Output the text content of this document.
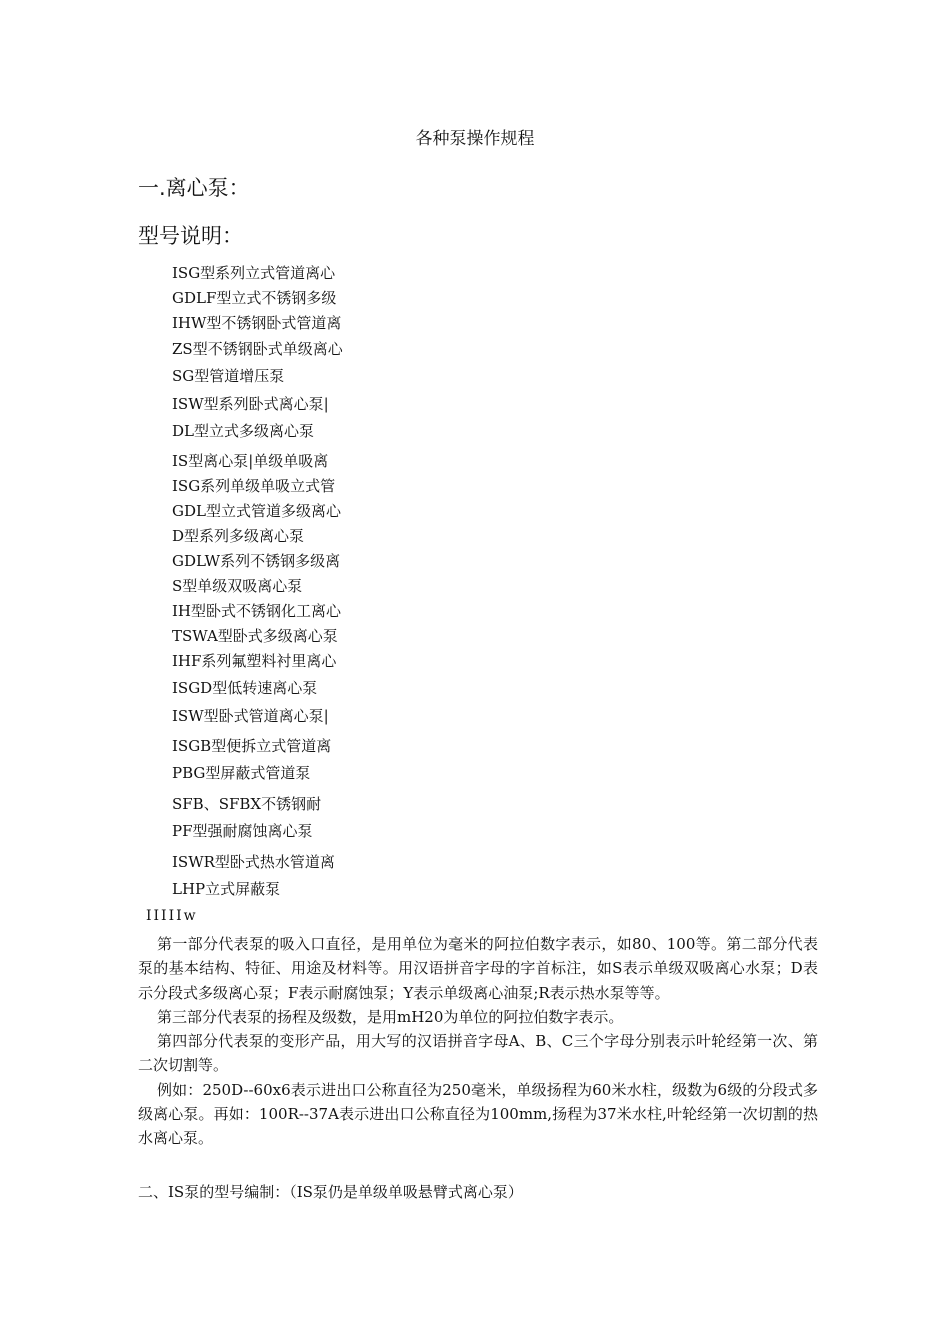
各种泵操作规程
一.离心泵：
型号说明：
ISG型系列立式管道离心
GDLF型立式不锈钢多级
IHW型不锈钢卧式管道离
ZS型不锈钢卧式单级离心
SG型管道增压泵
ISW型系列卧式离心泵|
DL型立式多级离心泵
IS型离心泵|单级单吸离
ISG系列单级单吸立式管
GDL型立式管道多级离心
D型系列多级离心泵
GDLW系列不锈钢多级离
S型单级双吸离心泵
IH型卧式不锈钢化工离心
TSWA型卧式多级离心泵
IHF系列氟塑料衬里离心
ISGD型低转速离心泵
ISW型卧式管道离心泵|
ISGB型便拆立式管道离
PBG型屏蔽式管道泵
SFB、SFBX不锈钢耐
PF型强耐腐蚀离心泵
ISWR型卧式热水管道离
LHP立式屏蔽泵
IIIIIw

第一部分代表泵的吸入口直径，是用单位为毫米的阿拉伯数字表示，如80、100等。第二部分代表泵的基本结构、特征、用途及材料等。用汉语拼音字母的字首标注，如S表示单级双吸离心水泵；D表示分段式多级离心泵；F表示耐腐蚀泵；Y表示单级离心油泵;R表示热水泵等等。

第三部分代表泵的扬程及级数，是用mH20为单位的阿拉伯数字表示。

第四部分代表泵的变形产品，用大写的汉语拼音字母A、B、C三个字母分别表示叶轮经第一次、第二次切割等。

例如：250D--60x6表示进出口公称直径为250毫米，单级扬程为60米水柱，级数为6级的分段式多级离心泵。再如：100R--37A表示进出口公称直径为100mm,扬程为37米水柱,叶轮经第一次切割的热水离心泵。

二、IS泵的型号编制：（IS泵仍是单级单吸悬臂式离心泵）
